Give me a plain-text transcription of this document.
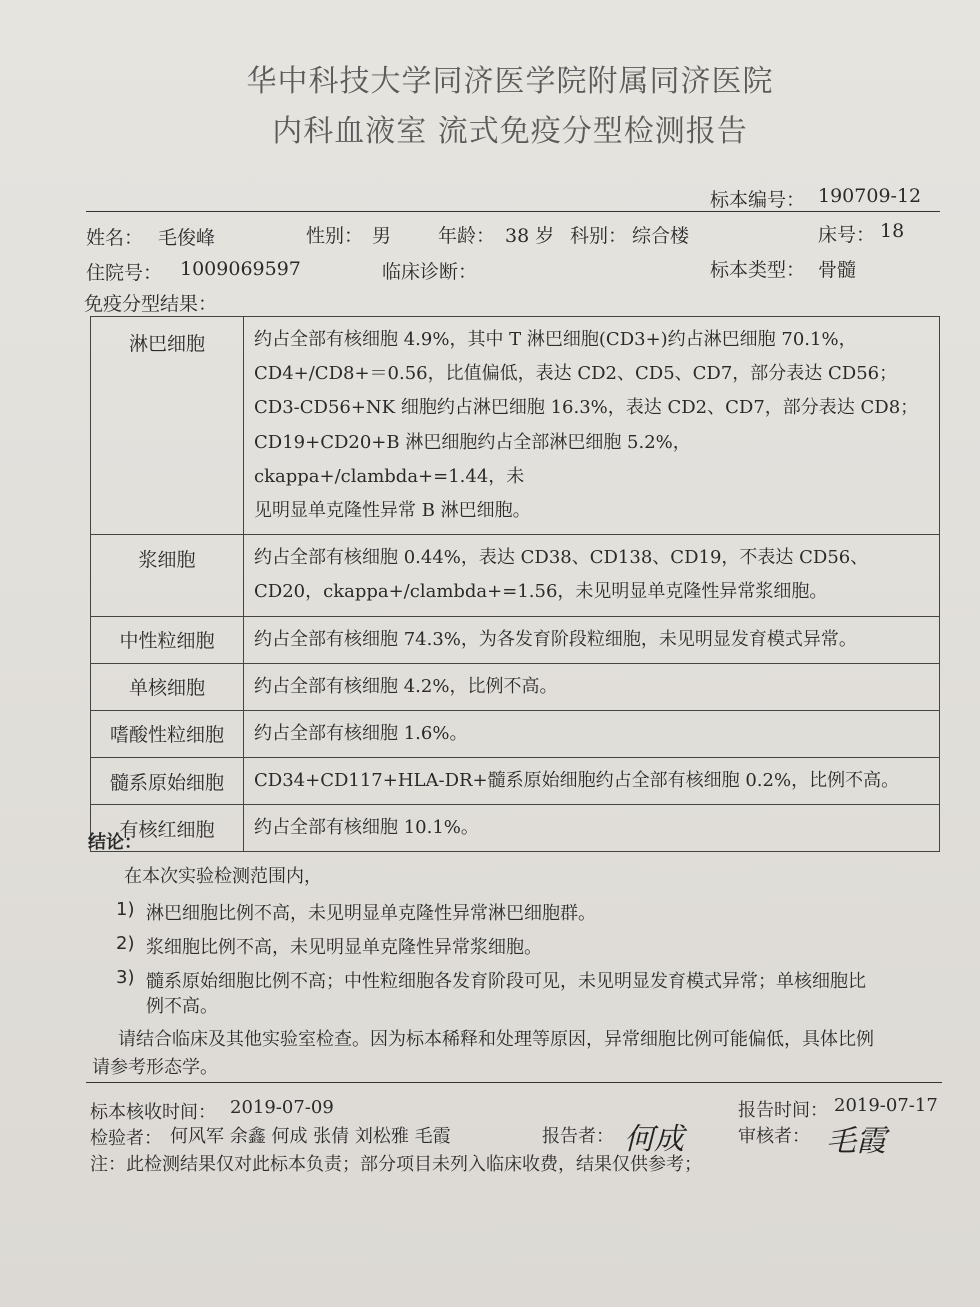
华中科技大学同济医学院附属同济医院
内科血液室 流式免疫分型检测报告
标本编号： 190709-12
姓名： 毛俊峰	性别： 男 年龄： 38 岁 科别： 综合楼	床号： 18
住院号： 1009069597	临床诊断：	标本类型： 骨髓
免疫分型结果：
淋巴细胞	约占全部有核细胞 4.9%，其中 T 淋巴细胞(CD3+)约占淋巴细胞 70.1%，
CD4+/CD8+＝0.56，比值偏低，表达 CD2、CD5、CD7，部分表达 CD56；
CD3-CD56+NK 细胞约占淋巴细胞 16.3%，表达 CD2、CD7，部分表达 CD8；
CD19+CD20+B 淋巴细胞约占全部淋巴细胞 5.2%，ckappa+/clambda+=1.44，未
见明显单克隆性异常 B 淋巴细胞。

浆细胞	约占全部有核细胞 0.44%，表达 CD38、CD138、CD19，不表达 CD56、
CD20，ckappa+/clambda+=1.56，未见明显单克隆性异常浆细胞。

中性粒细胞	约占全部有核细胞 74.3%，为各发育阶段粒细胞，未见明显发育模式异常。

单核细胞	约占全部有核细胞 4.2%，比例不高。

嗜酸性粒细胞	约占全部有核细胞 1.6%。

髓系原始细胞	CD34+CD117+HLA-DR+髓系原始细胞约占全部有核细胞 0.2%，比例不高。

有核红细胞	约占全部有核细胞 10.1%。
结论：
在本次实验检测范围内，
1) 淋巴细胞比例不高，未见明显单克隆性异常淋巴细胞群。
2) 浆细胞比例不高，未见明显单克隆性异常浆细胞。
3) 髓系原始细胞比例不高；中性粒细胞各发育阶段可见，未见明显发育模式异常；单核细胞比
例不高。
请结合临床及其他实验室检查。因为标本稀释和处理等原因，异常细胞比例可能偏低，具体比例
请参考形态学。
标本核收时间： 2019-07-09	报告时间： 2019-07-17
检验者： 何风军 余鑫 何成 张倩 刘松雅 毛霞	报告者： 何成	审核者： 毛霞
注：此检测结果仅对此标本负责；部分项目未列入临床收费，结果仅供参考；
